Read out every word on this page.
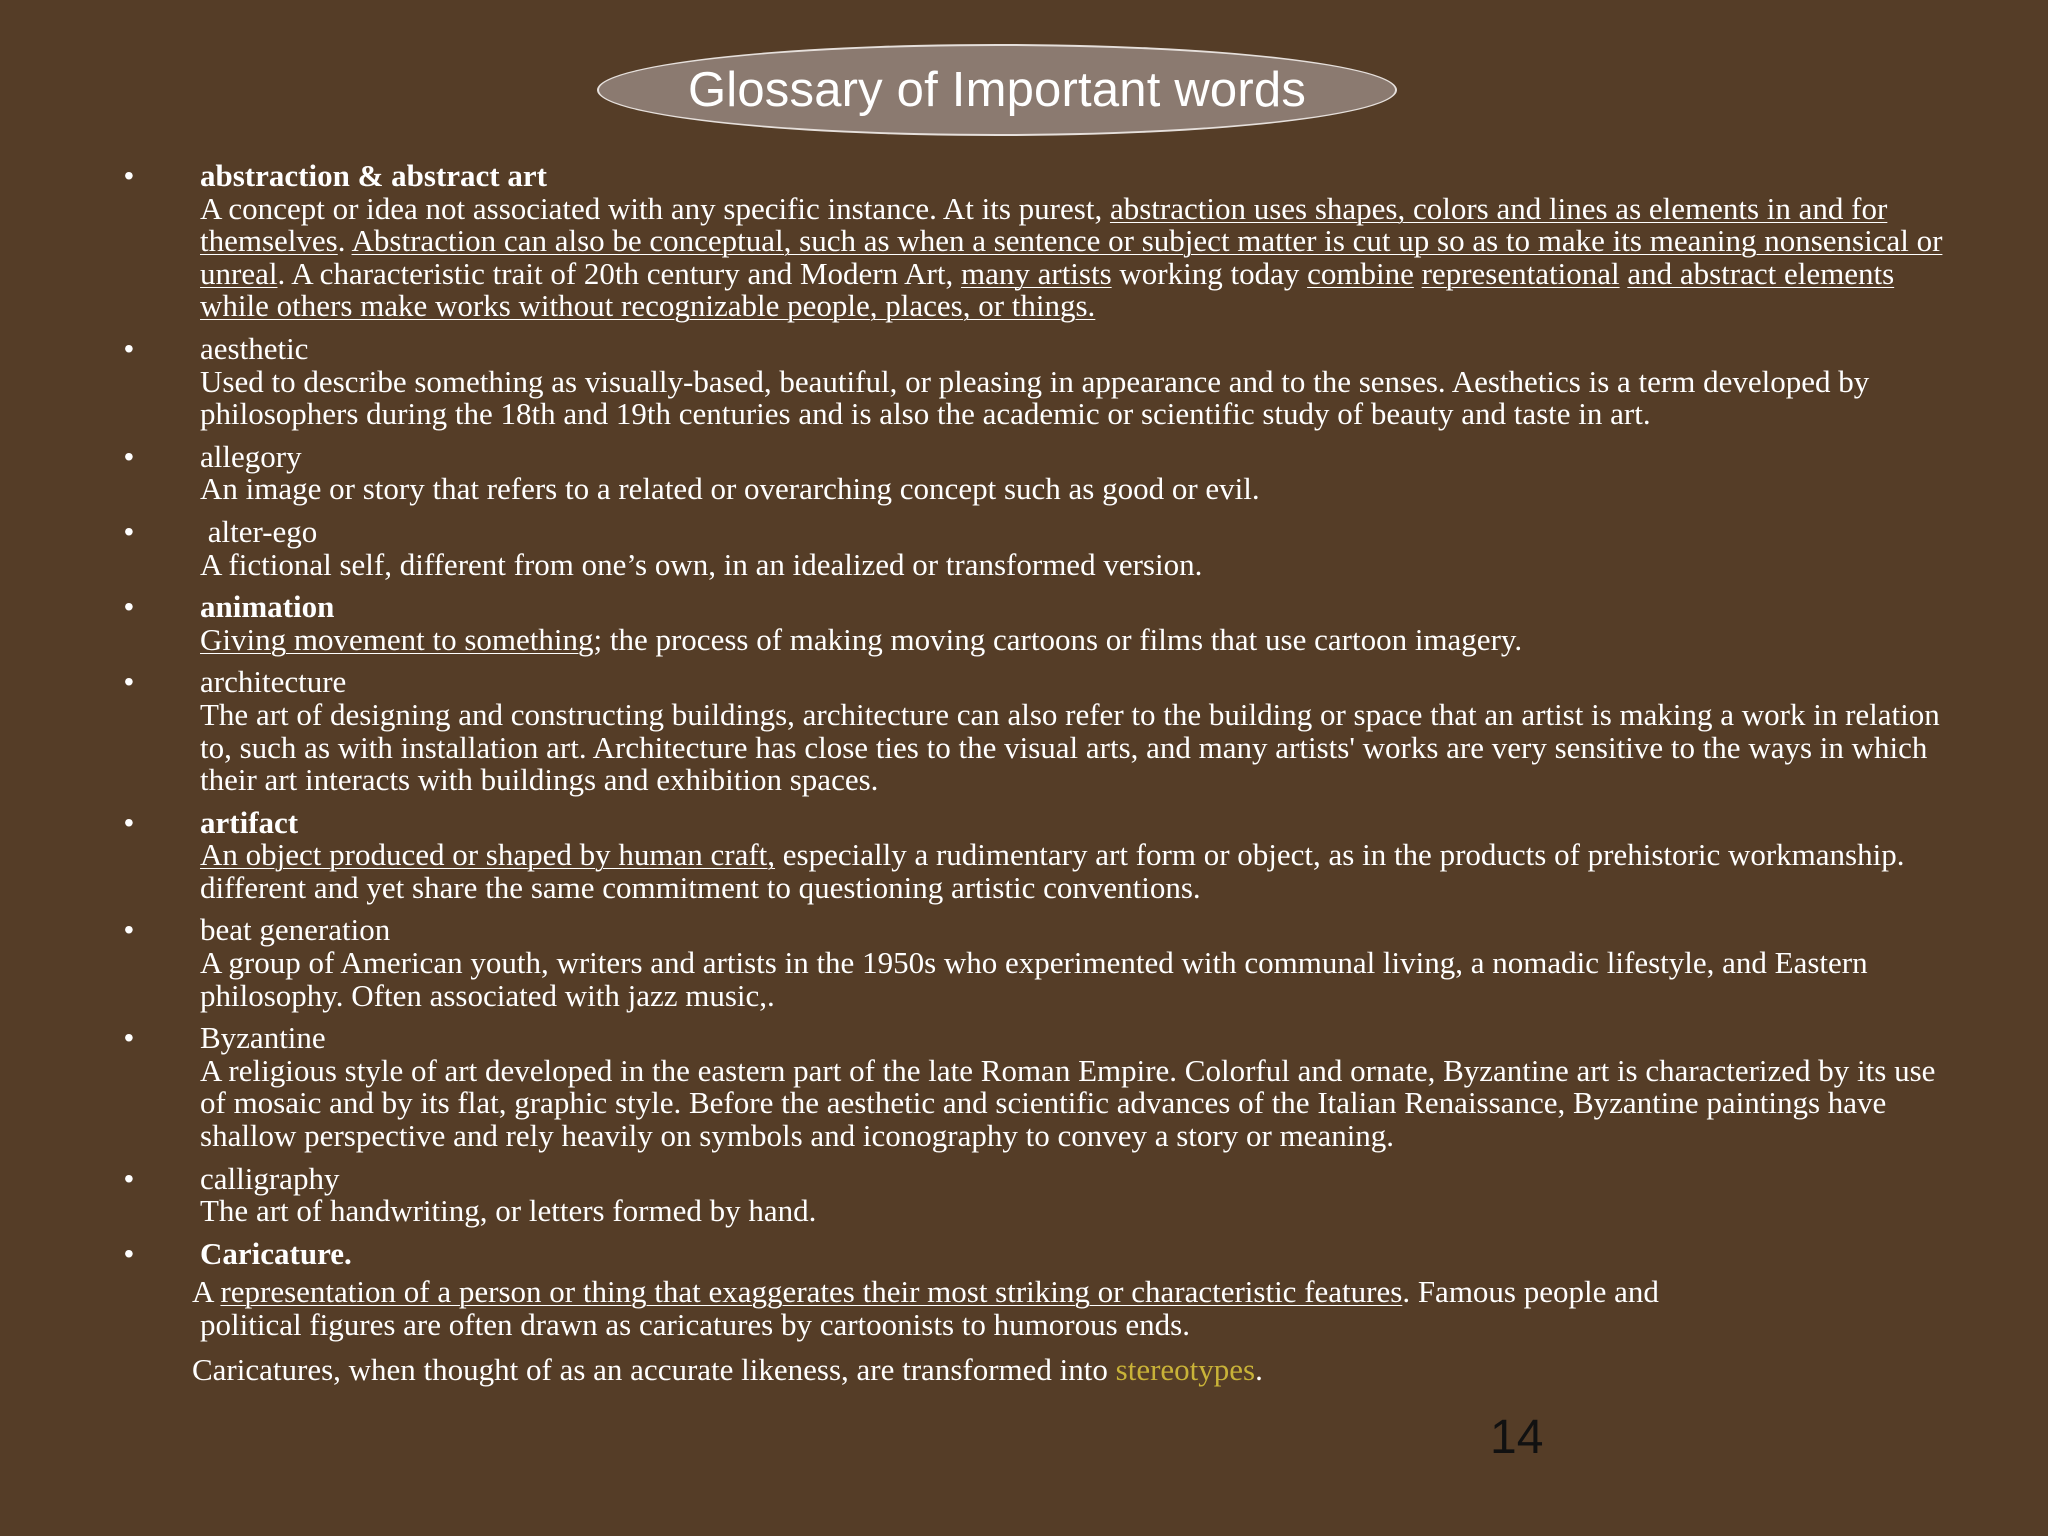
Glossary of Important words
• abstraction & abstract art
A concept or idea not associated with any specific instance. At its purest, abstraction uses shapes, colors and lines as elements in and for themselves. Abstraction can also be conceptual, such as when a sentence or subject matter is cut up so as to make its meaning nonsensical or unreal. A characteristic trait of 20th century and Modern Art, many artists working today combine representational and abstract elements while others make works without recognizable people, places, or things.
• aesthetic
Used to describe something as visually-based, beautiful, or pleasing in appearance and to the senses. Aesthetics is a term developed by philosophers during the 18th and 19th centuries and is also the academic or scientific study of beauty and taste in art.
• allegory
An image or story that refers to a related or overarching concept such as good or evil.
• alter-ego
A fictional self, different from one’s own, in an idealized or transformed version.
• animation
Giving movement to something; the process of making moving cartoons or films that use cartoon imagery.
• architecture
The art of designing and constructing buildings, architecture can also refer to the building or space that an artist is making a work in relation to, such as with installation art. Architecture has close ties to the visual arts, and many artists' works are very sensitive to the ways in which their art interacts with buildings and exhibition spaces.
• artifact
An object produced or shaped by human craft, especially a rudimentary art form or object, as in the products of prehistoric workmanship. different and yet share the same commitment to questioning artistic conventions.
• beat generation
A group of American youth, writers and artists in the 1950s who experimented with communal living, a nomadic lifestyle, and Eastern philosophy. Often associated with jazz music,.
• Byzantine
A religious style of art developed in the eastern part of the late Roman Empire. Colorful and ornate, Byzantine art is characterized by its use of mosaic and by its flat, graphic style. Before the aesthetic and scientific advances of the Italian Renaissance, Byzantine paintings have shallow perspective and rely heavily on symbols and iconography to convey a story or meaning.
• calligraphy
The art of handwriting, or letters formed by hand.
• Caricature.
A representation of a person or thing that exaggerates their most striking or characteristic features. Famous people and
political figures are often drawn as caricatures by cartoonists to humorous ends.
Caricatures, when thought of as an accurate likeness, are transformed into stereotypes.
14
